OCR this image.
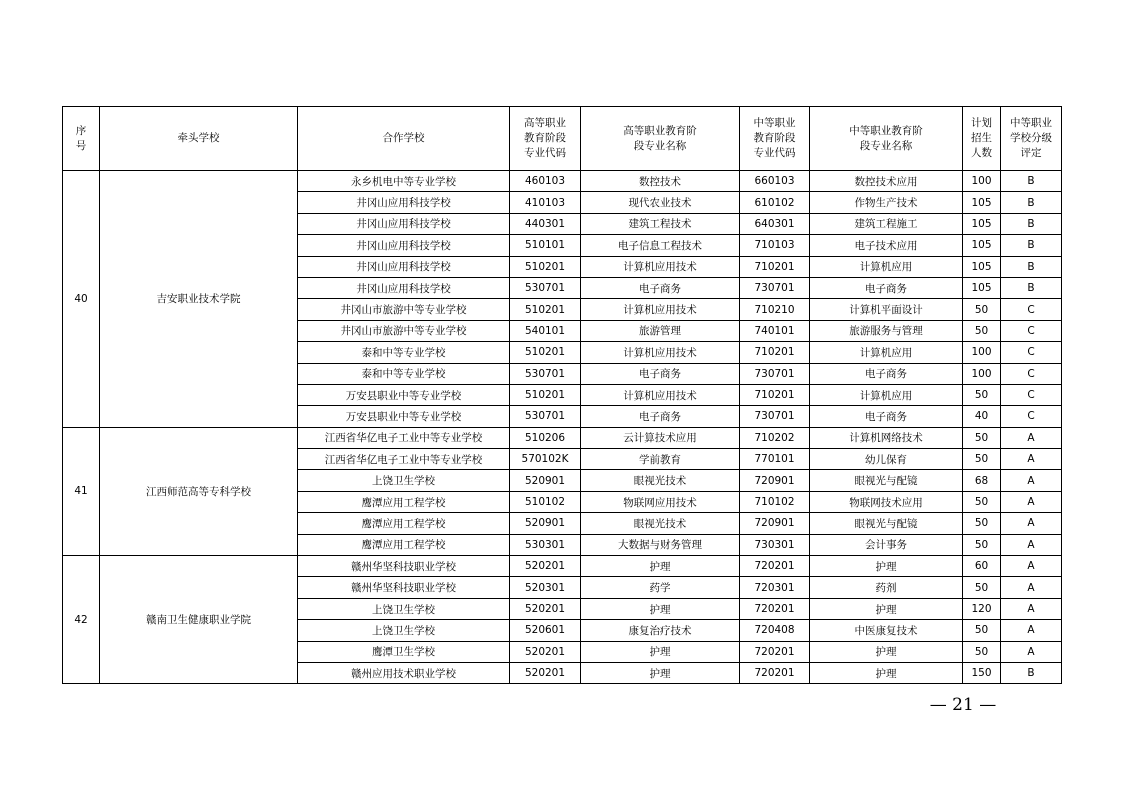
序号	牵头学校	合作学校	高等职业教育阶段专业代码	高等职业教育阶段专业名称	中等职业教育阶段专业代码	中等职业教育阶段专业名称	计划招生人数	中等职业学校分级评定
40	吉安职业技术学院	永乡机电中等专业学校	460103	数控技术	660103	数控技术应用	100	B
		井冈山应用科技学校	410103	现代农业技术	610102	作物生产技术	105	B
		井冈山应用科技学校	440301	建筑工程技术	640301	建筑工程施工	105	B
		井冈山应用科技学校	510101	电子信息工程技术	710103	电子技术应用	105	B
		井冈山应用科技学校	510201	计算机应用技术	710201	计算机应用	105	B
		井冈山应用科技学校	530701	电子商务	730701	电子商务	105	B
		井冈山市旅游中等专业学校	510201	计算机应用技术	710210	计算机平面设计	50	C
		井冈山市旅游中等专业学校	540101	旅游管理	740101	旅游服务与管理	50	C
		泰和中等专业学校	510201	计算机应用技术	710201	计算机应用	100	C
		泰和中等专业学校	530701	电子商务	730701	电子商务	100	C
		万安县职业中等专业学校	510201	计算机应用技术	710201	计算机应用	50	C
		万安县职业中等专业学校	530701	电子商务	730701	电子商务	40	C
41	江西师范高等专科学校	江西省华亿电子工业中等专业学校	510206	云计算技术应用	710202	计算机网络技术	50	A
		江西省华亿电子工业中等专业学校	570102K	学前教育	770101	幼儿保育	50	A
		上饶卫生学校	520901	眼视光技术	720901	眼视光与配镜	68	A
		鹰潭应用工程学校	510102	物联网应用技术	710102	物联网技术应用	50	A
		鹰潭应用工程学校	520901	眼视光技术	720901	眼视光与配镜	50	A
		鹰潭应用工程学校	530301	大数据与财务管理	730301	会计事务	50	A
42	赣南卫生健康职业学院	赣州华坚科技职业学校	520201	护理	720201	护理	60	A
		赣州华坚科技职业学校	520301	药学	720301	药剂	50	A
		上饶卫生学校	520201	护理	720201	护理	120	A
		上饶卫生学校	520601	康复治疗技术	720408	中医康复技术	50	A
		鹰潭卫生学校	520201	护理	720201	护理	50	A
		赣州应用技术职业学校	520201	护理	720201	护理	150	B
— 21 —
